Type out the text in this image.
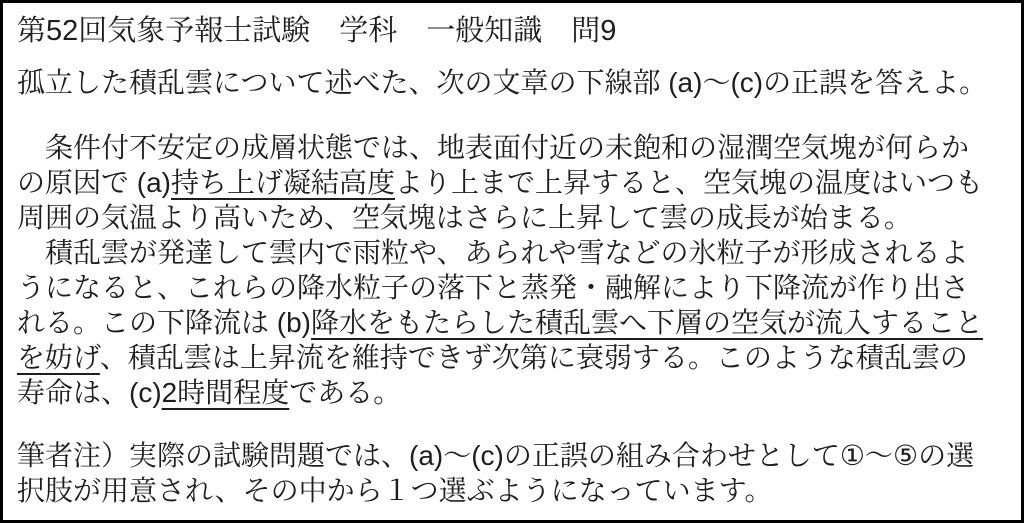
第52回気象予報士試験　学科　一般知識　問9
孤立した積乱雲について述べた、次の文章の下線部 (a)～(c)の正誤を答えよ。
　条件付不安定の成層状態では、地表面付近の未飽和の湿潤空気塊が何らか
の原因で (a)持ち上げ凝結高度より上まで上昇すると、空気塊の温度はいつも
周囲の気温より高いため、空気塊はさらに上昇して雲の成長が始まる。
　積乱雲が発達して雲内で雨粒や、あられや雪などの氷粒子が形成されるよ
うになると、これらの降水粒子の落下と蒸発・融解により下降流が作り出さ
れる。この下降流は (b)降水をもたらした積乱雲へ下層の空気が流入すること
を妨げ、積乱雲は上昇流を維持できず次第に衰弱する。このような積乱雲の
寿命は、(c)2時間程度である。
筆者注）実際の試験問題では、(a)～(c)の正誤の組み合わせとして①～⑤の選
択肢が用意され、その中から１つ選ぶようになっています。
